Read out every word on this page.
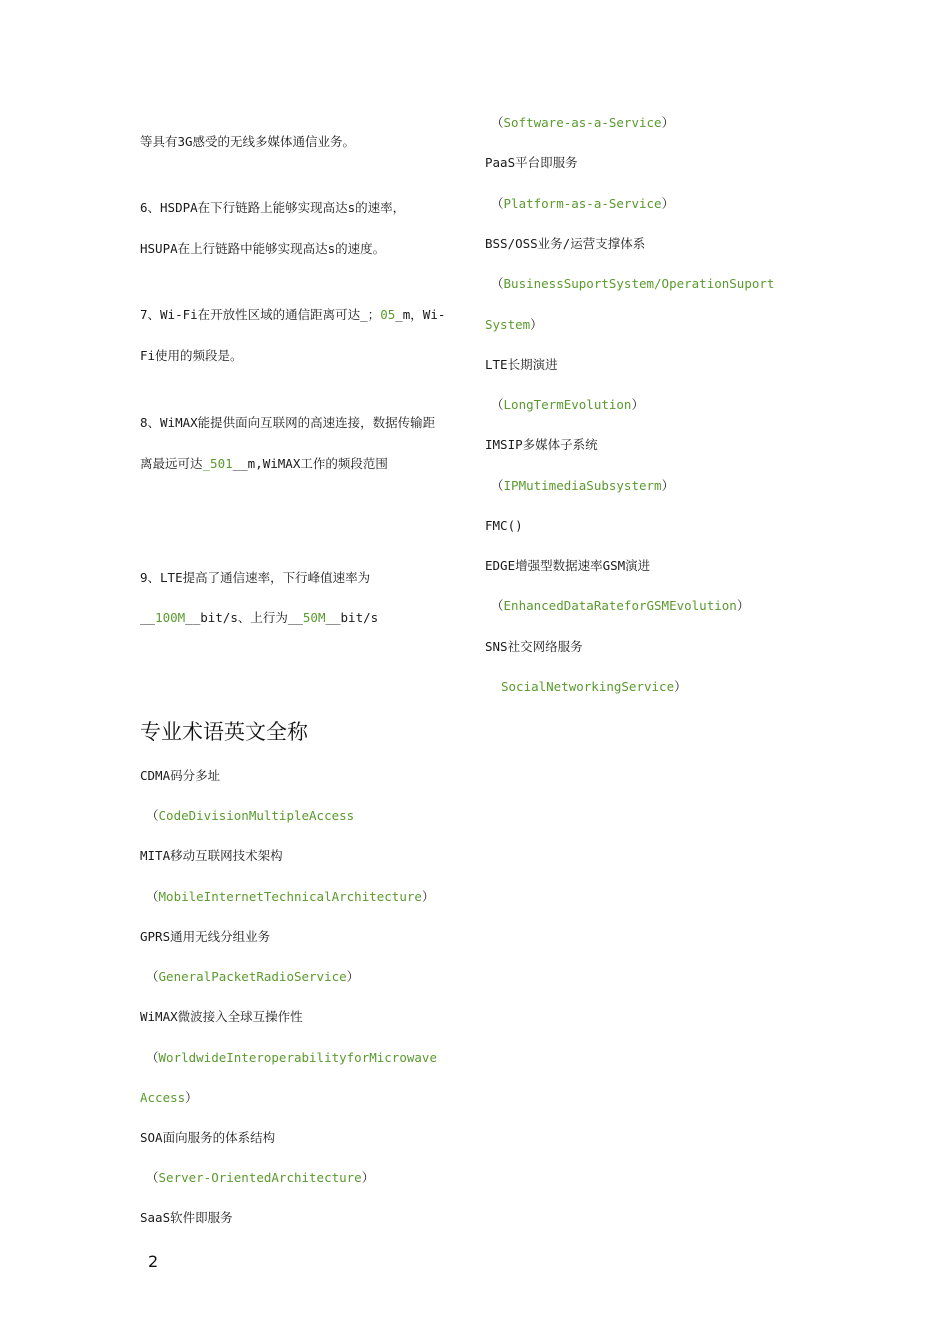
等具有3G感受的无线多媒体通信业务。
6、HSDPA在下行链路上能够实现高达s的速率，
HSUPA在上行链路中能够实现高达s的速度。
7、Wi-Fi在开放性区域的通信距离可达_；05_m，Wi-
Fi使用的频段是。
8、WiMAX能提供面向互联网的高速连接，数据传输距
离最远可达_501__m,WiMAX工作的频段范围
9、LTE提高了通信速率，下行峰值速率为
__100M__bit/s、上行为__50M__bit/s
专业术语英文全称
CDMA码分多址
（CodeDivisionMultipleAccess
MITA移动互联网技术架构
（MobileInternetTechnicalArchitecture）
GPRS通用无线分组业务
（GeneralPacketRadioService）
WiMAX微波接入全球互操作性
（WorldwideInteroperabilityforMicrowave
Access）
SOA面向服务的体系结构
（Server-OrientedArchitecture）
SaaS软件即服务
（Software-as-a-Service）
PaaS平台即服务
（Platform-as-a-Service）
BSS/OSS业务/运营支撑体系
（BusinessSuportSystem/OperationSuport
System）
LTE长期演进
（LongTermEvolution）
IMSIP多媒体子系统
（IPMutimediaSubsysterm）
FMC()
EDGE增强型数据速率GSM演进
（EnhancedDataRateforGSMEvolution）
SNS社交网络服务
SocialNetworkingService）
2
